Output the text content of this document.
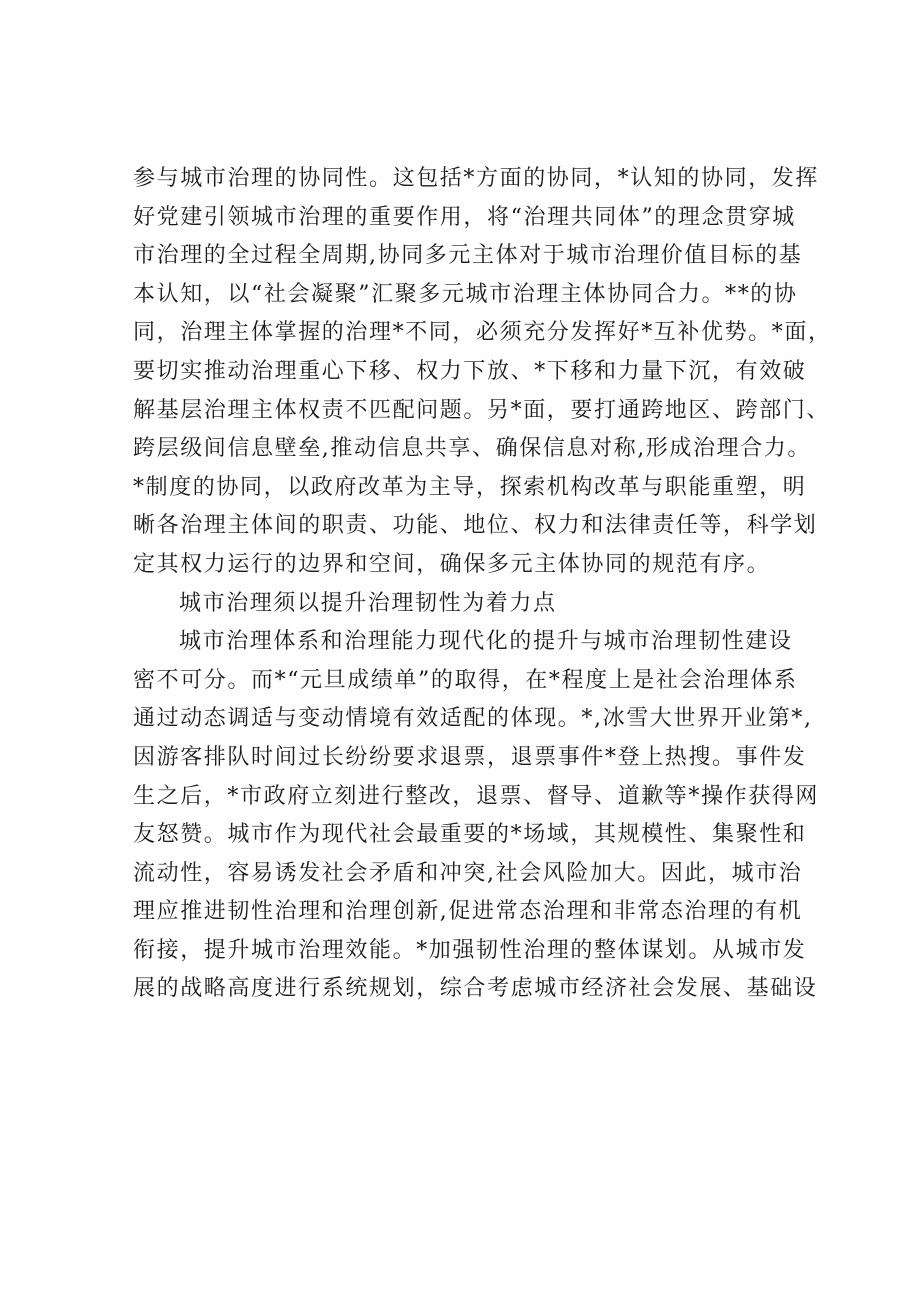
参与城市治理的协同性。这包括*方面的协同，*认知的协同，发挥
好党建引领城市治理的重要作用，将“治理共同体”的理念贯穿城
市治理的全过程全周期,协同多元主体对于城市治理价值目标的基
本认知，以“社会凝聚”汇聚多元城市治理主体协同合力。**的协
同，治理主体掌握的治理*不同，必须充分发挥好*互补优势。*面，
要切实推动治理重心下移、权力下放、*下移和力量下沉，有效破
解基层治理主体权责不匹配问题。另*面，要打通跨地区、跨部门、
跨层级间信息壁垒,推动信息共享、确保信息对称,形成治理合力。
*制度的协同，以政府改革为主导，探索机构改革与职能重塑，明
晰各治理主体间的职责、功能、地位、权力和法律责任等，科学划
定其权力运行的边界和空间，确保多元主体协同的规范有序。
城市治理须以提升治理韧性为着力点
城市治理体系和治理能力现代化的提升与城市治理韧性建设
密不可分。而*“元旦成绩单”的取得，在*程度上是社会治理体系
通过动态调适与变动情境有效适配的体现。*,冰雪大世界开业第*,
因游客排队时间过长纷纷要求退票，退票事件*登上热搜。事件发
生之后，*市政府立刻进行整改，退票、督导、道歉等*操作获得网
友怒赞。城市作为现代社会最重要的*场域，其规模性、集聚性和
流动性，容易诱发社会矛盾和冲突,社会风险加大。因此，城市治
理应推进韧性治理和治理创新,促进常态治理和非常态治理的有机
衔接，提升城市治理效能。*加强韧性治理的整体谋划。从城市发
展的战略高度进行系统规划，综合考虑城市经济社会发展、基础设
